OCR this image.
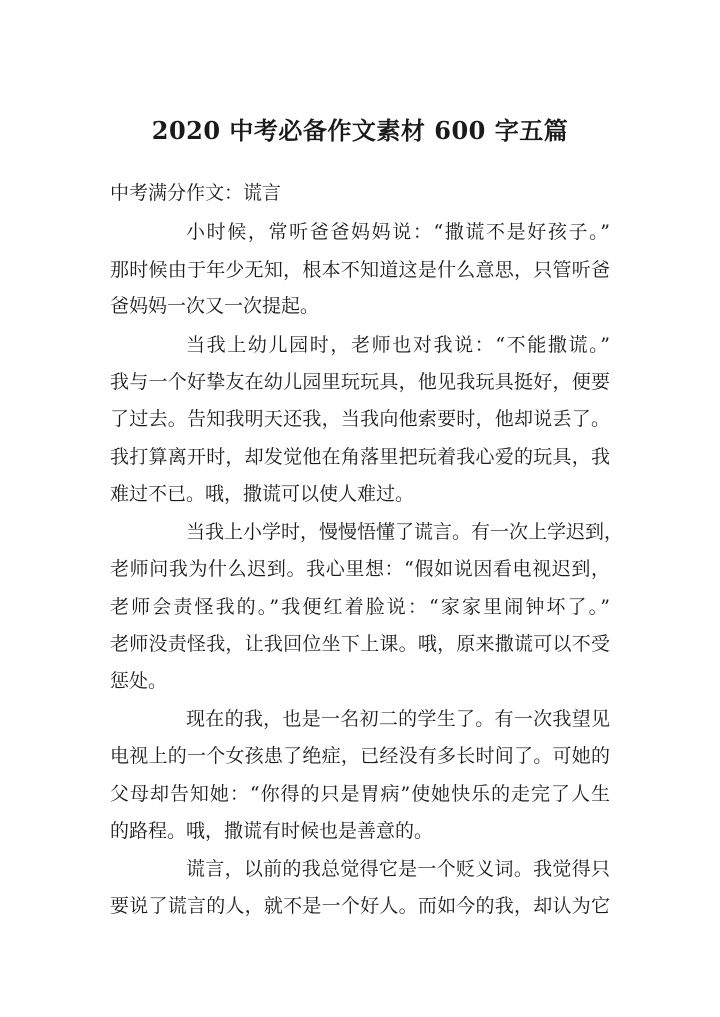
2020 中考必备作文素材 600 字五篇
中考满分作文：谎言
小时候，常听爸爸妈妈说：“撒谎不是好孩子。”
那时候由于年少无知，根本不知道这是什么意思，只管听爸
爸妈妈一次又一次提起。
当我上幼儿园时，老师也对我说：“不能撒谎。”
我与一个好挚友在幼儿园里玩玩具，他见我玩具挺好，便要
了过去。告知我明天还我，当我向他索要时，他却说丢了。
我打算离开时，却发觉他在角落里把玩着我心爱的玩具，我
难过不已。哦，撒谎可以使人难过。
当我上小学时，慢慢悟懂了谎言。有一次上学迟到，
老师问我为什么迟到。我心里想：“假如说因看电视迟到，
老师会责怪我的。”我便红着脸说：“家家里闹钟坏了。”
老师没责怪我，让我回位坐下上课。哦，原来撒谎可以不受
惩处。
现在的我，也是一名初二的学生了。有一次我望见
电视上的一个女孩患了绝症，已经没有多长时间了。可她的
父母却告知她：“你得的只是胃病”使她快乐的走完了人生
的路程。哦，撒谎有时候也是善意的。
谎言，以前的我总觉得它是一个贬义词。我觉得只
要说了谎言的人，就不是一个好人。而如今的我，却认为它
